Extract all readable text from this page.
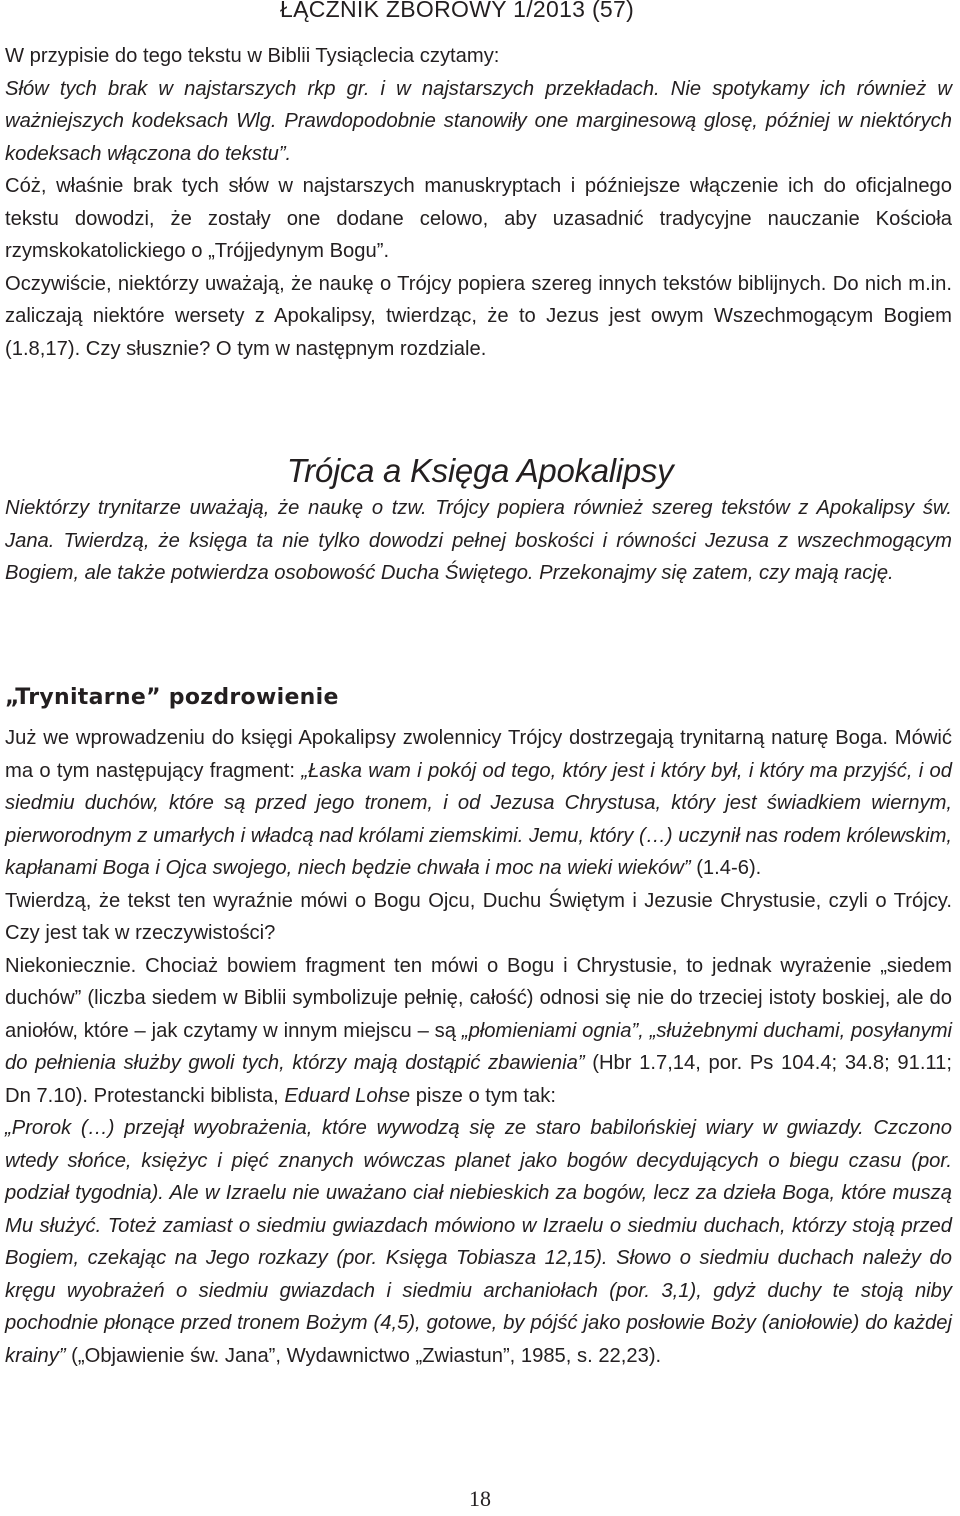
ŁĄCZNIK ZBOROWY 1/2013 (57)

W przypisie do tego tekstu w Biblii Tysiąclecia czytamy:

Słów tych brak w najstarszych rkp gr. i w najstarszych przekładach. Nie spotykamy ich również w ważniejszych kodeksach Wlg. Prawdopodobnie stanowiły one marginesową glosę, później w niektórych kodeksach włączona do tekstu”.

Cóż, właśnie brak tych słów w najstarszych manuskryptach i późniejsze włączenie ich do oficjalnego tekstu dowodzi, że zostały one dodane celowo, aby uzasadnić tradycyjne nauczanie Kościoła rzymskokatolickiego o „Trójjedynym Bogu”.

Oczywiście, niektórzy uważają, że naukę o Trójcy popiera szereg innych tekstów biblijnych. Do nich m.in. zaliczają niektóre wersety z Apokalipsy, twierdząc, że to Jezus jest owym Wszechmogącym Bogiem (1.8,17). Czy słusznie? O tym w następnym rozdziale.

Trójca a Księga Apokalipsy

Niektórzy trynitarze uważają, że naukę o tzw. Trójcy popiera również szereg tekstów z Apokalipsy św. Jana. Twierdzą, że księga ta nie tylko dowodzi pełnej boskości i równości Jezusa z wszechmogącym Bogiem, ale także potwierdza osobowość Ducha Świętego. Przekonajmy się zatem, czy mają rację.

„Trynitarne” pozdrowienie

Już we wprowadzeniu do księgi Apokalipsy zwolennicy Trójcy dostrzegają trynitarną naturę Boga. Mówić ma o tym następujący fragment: „Łaska wam i pokój od tego, który jest i który był, i który ma przyjść, i od siedmiu duchów, które są przed jego tronem, i od Jezusa Chrystusa, który jest świadkiem wiernym, pierworodnym z umarłych i władcą nad królami ziemskimi. Jemu, który (…) uczynił nas rodem królewskim, kapłanami Boga i Ojca swojego, niech będzie chwała i moc na wieki wieków” (1.4-6).

Twierdzą, że tekst ten wyraźnie mówi o Bogu Ojcu, Duchu Świętym i Jezusie Chrystusie, czyli o Trójcy. Czy jest tak w rzeczywistości?

Niekoniecznie. Chociaż bowiem fragment ten mówi o Bogu i Chrystusie, to jednak wyrażenie „siedem duchów” (liczba siedem w Biblii symbolizuje pełnię, całość) odnosi się nie do trzeciej istoty boskiej, ale do aniołów, które – jak czytamy w innym miejscu – są „płomieniami ognia”, „służebnymi duchami, posyłanymi do pełnienia służby gwoli tych, którzy mają dostąpić zbawienia” (Hbr 1.7,14, por. Ps 104.4; 34.8; 91.11; Dn 7.10). Protestancki biblista, Eduard Lohse pisze o tym tak:

„Prorok (…) przejął wyobrażenia, które wywodzą się ze staro babilońskiej wiary w gwiazdy. Czczono wtedy słońce, księżyc i pięć znanych wówczas planet jako bogów decydujących o biegu czasu (por. podział tygodnia). Ale w Izraelu nie uważano ciał niebieskich za bogów, lecz za dzieła Boga, które muszą Mu służyć. Toteż zamiast o siedmiu gwiazdach mówiono w Izraelu o siedmiu duchach, którzy stoją przed Bogiem, czekając na Jego rozkazy (por. Księga Tobiasza 12,15). Słowo o siedmiu duchach należy do kręgu wyobrażeń o siedmiu gwiazdach i siedmiu archaniołach (por. 3,1), gdyż duchy te stoją niby pochodnie płonące przed tronem Bożym (4,5), gotowe, by pójść jako posłowie Boży (aniołowie) do każdej krainy” („Objawienie św. Jana”, Wydawnictwo „Zwiastun”, 1985, s. 22,23).

18
